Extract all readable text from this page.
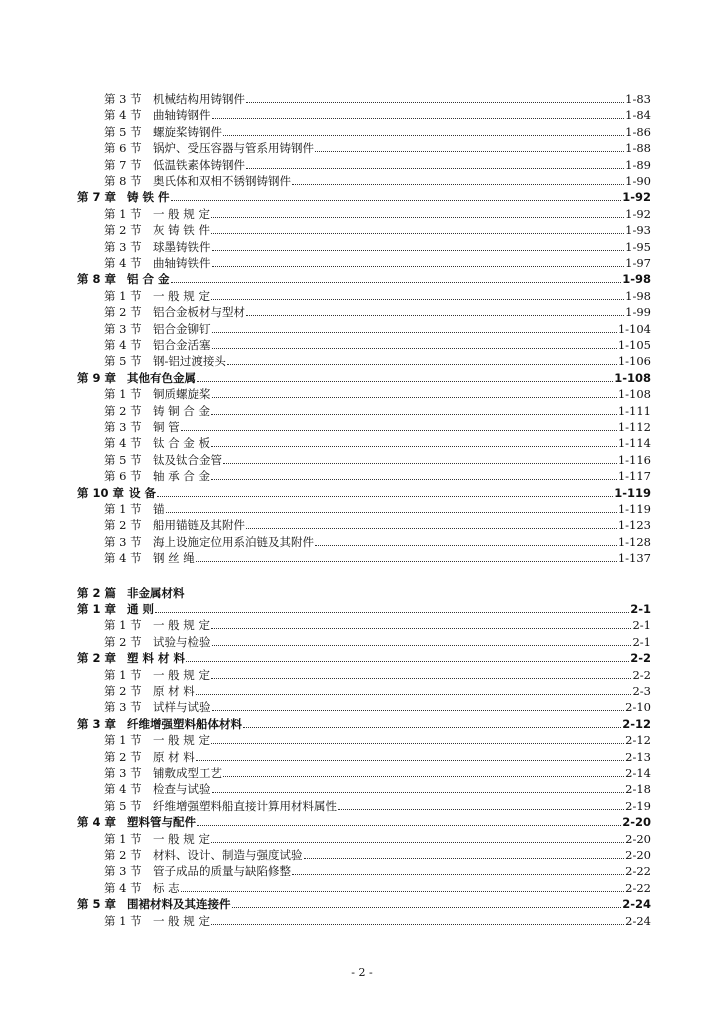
第 3 节 机械结构用铸钢件	1-83
第 4 节 曲轴铸钢件	1-84
第 5 节 螺旋桨铸钢件	1-86
第 6 节 锅炉、受压容器与管系用铸钢件	1-88
第 7 节 低温铁素体铸钢件	1-89
第 8 节 奥氏体和双相不锈钢铸钢件	1-90
第 7 章 铸 铁 件	1-92
第 1 节 一 般 规 定	1-92
第 2 节 灰 铸 铁 件	1-93
第 3 节 球墨铸铁件	1-95
第 4 节 曲轴铸铁件	1-97
第 8 章 铝 合 金	1-98
第 1 节 一 般 规 定	1-98
第 2 节 铝合金板材与型材	1-99
第 3 节 铝合金铆钉	1-104
第 4 节 铝合金活塞	1-105
第 5 节 钢-铝过渡接头	1-106
第 9 章 其他有色金属	1-108
第 1 节 铜质螺旋桨	1-108
第 2 节 铸 铜 合 金	1-111
第 3 节 铜 管	1-112
第 4 节 钛 合 金 板	1-114
第 5 节 钛及钛合金管	1-116
第 6 节 轴 承 合 金	1-117
第 10 章 设 备	1-119
第 1 节 锚	1-119
第 2 节 船用锚链及其附件	1-123
第 3 节 海上设施定位用系泊链及其附件	1-128
第 4 节 钢 丝 绳	1-137
第 2 篇 非金属材料
第 1 章 通 则	2-1
第 1 节 一 般 规 定	2-1
第 2 节 试验与检验	2-1
第 2 章 塑 料 材 料	2-2
第 1 节 一 般 规 定	2-2
第 2 节 原 材 料	2-3
第 3 节 试样与试验	2-10
第 3 章 纤维增强塑料船体材料	2-12
第 1 节 一 般 规 定	2-12
第 2 节 原 材 料	2-13
第 3 节 铺敷成型工艺	2-14
第 4 节 检查与试验	2-18
第 5 节 纤维增强塑料船直接计算用材料属性	2-19
第 4 章 塑料管与配件	2-20
第 1 节 一 般 规 定	2-20
第 2 节 材料、设计、制造与强度试验	2-20
第 3 节 管子成品的质量与缺陷修整	2-22
第 4 节 标 志	2-22
第 5 章 围裙材料及其连接件	2-24
第 1 节 一 般 规 定	2-24
- 2 -
